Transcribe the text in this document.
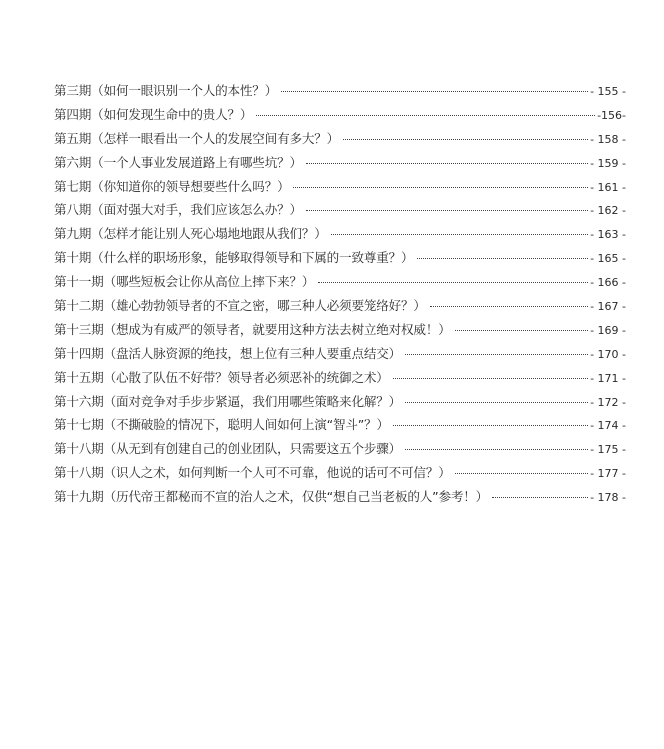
第三期（如何一眼识别一个人的本性？）	- 155 -
第四期（如何发现生命中的贵人？）	-156-
第五期（怎样一眼看出一个人的发展空间有多大？）	- 158 -
第六期（一个人事业发展道路上有哪些坑？）	- 159 -
第七期（你知道你的领导想要些什么吗？）	- 161 -
第八期（面对强大对手，我们应该怎么办？）	- 162 -
第九期（怎样才能让别人死心塌地地跟从我们？）	- 163 -
第十期（什么样的职场形象，能够取得领导和下属的一致尊重？）	- 165 -
第十一期（哪些短板会让你从高位上摔下来？）	- 166 -
第十二期（雄心勃勃领导者的不宣之密，哪三种人必须要笼络好？）	- 167 -
第十三期（想成为有威严的领导者，就要用这种方法去树立绝对权威！）	- 169 -
第十四期（盘活人脉资源的绝技，想上位有三种人要重点结交）	- 170 -
第十五期（心散了队伍不好带？领导者必须恶补的统御之术）	- 171 -
第十六期（面对竞争对手步步紧逼，我们用哪些策略来化解？）	- 172 -
第十七期（不撕破脸的情况下，聪明人间如何上演“智斗”？）	- 174 -
第十八期（从无到有创建自己的创业团队，只需要这五个步骤）	- 175 -
第十八期（识人之术，如何判断一个人可不可靠，他说的话可不可信？）	- 177 -
第十九期（历代帝王都秘而不宣的治人之术，仅供“想自己当老板的人”参考！）	- 178 -
